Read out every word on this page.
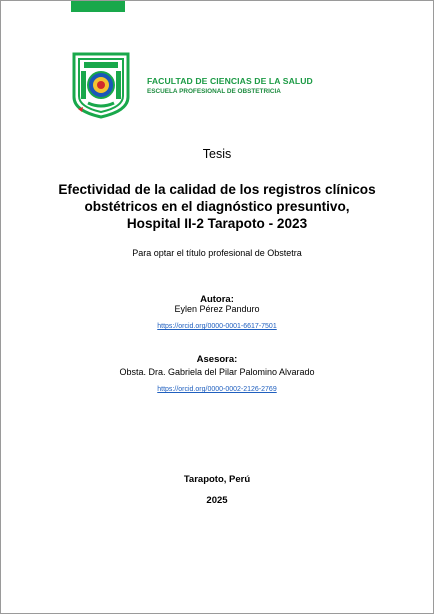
FACULTAD DE CIENCIAS DE LA SALUD
ESCUELA PROFESIONAL DE OBSTETRICIA
Tesis
Efectividad de la calidad de los registros clínicos
obstétricos en el diagnóstico presuntivo,
Hospital II-2 Tarapoto - 2023
Para optar el título profesional de Obstetra
Autora:
Eylen Pérez Panduro
https://orcid.org/0000-0001-6617-7501
Asesora:
Obsta. Dra. Gabriela del Pilar Palomino Alvarado
https://orcid.org/0000-0002-2126-2769
Tarapoto, Perú
2025
